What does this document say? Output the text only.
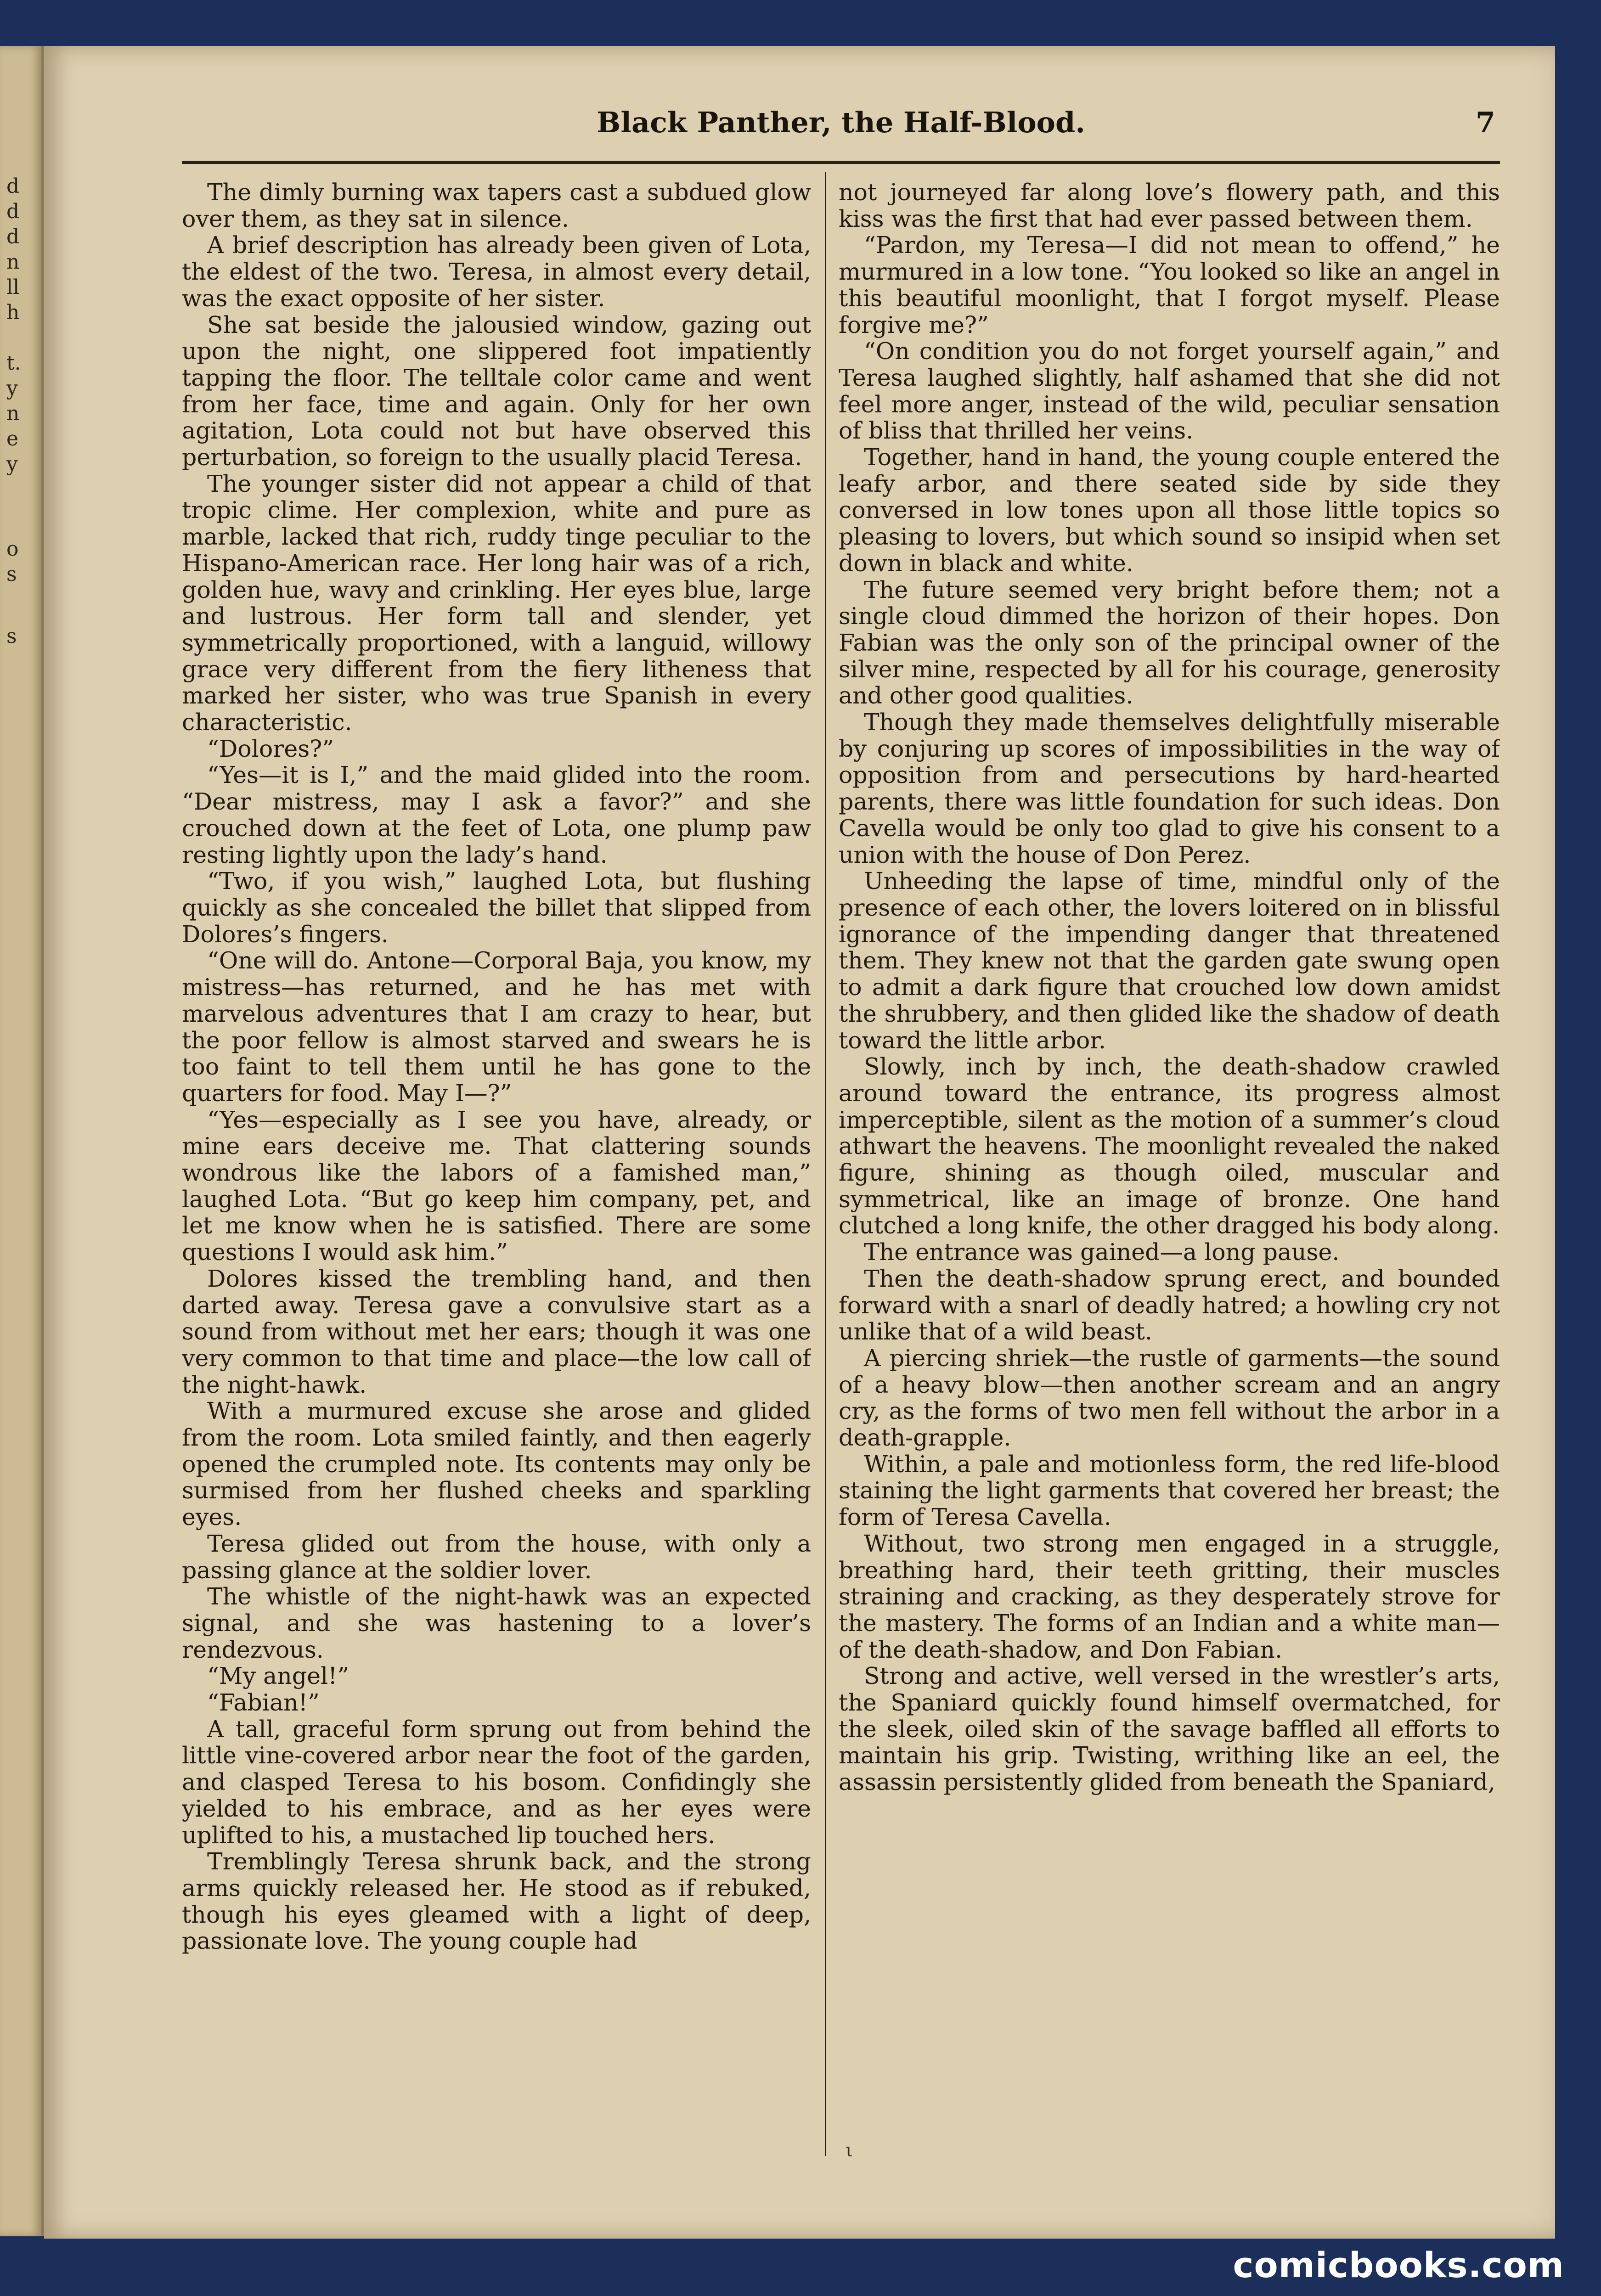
d
d
d
n
ll
h
t.
y
n
e
y
o
s
s
Black Panther, the Half-Blood.	7

The dimly burning wax tapers cast a subdued glow over them, as they sat in silence.

A brief description has already been given of Lota, the eldest of the two. Teresa, in almost every detail, was the exact opposite of her sister.

She sat beside the jalousied window, gazing out upon the night, one slippered foot impatiently tapping the floor. The telltale color came and went from her face, time and again. Only for her own agitation, Lota could not but have observed this perturbation, so foreign to the usually placid Teresa.

The younger sister did not appear a child of that tropic clime. Her complexion, white and pure as marble, lacked that rich, ruddy tinge peculiar to the Hispano-American race. Her long hair was of a rich, golden hue, wavy and crinkling. Her eyes blue, large and lustrous. Her form tall and slender, yet symmetrically proportioned, with a languid, willowy grace very different from the fiery litheness that marked her sister, who was true Spanish in every characteristic.

“Dolores?”

“Yes—it is I,” and the maid glided into the room. “Dear mistress, may I ask a favor?” and she crouched down at the feet of Lota, one plump paw resting lightly upon the lady’s hand.

“Two, if you wish,” laughed Lota, but flushing quickly as she concealed the billet that slipped from Dolores’s fingers.

“One will do. Antone—Corporal Baja, you know, my mistress—has returned, and he has met with marvelous adventures that I am crazy to hear, but the poor fellow is almost starved and swears he is too faint to tell them until he has gone to the quarters for food. May I—?”

“Yes—especially as I see you have, already, or mine ears deceive me. That clattering sounds wondrous like the labors of a famished man,” laughed Lota. “But go keep him company, pet, and let me know when he is satisfied. There are some questions I would ask him.”

Dolores kissed the trembling hand, and then darted away. Teresa gave a convulsive start as a sound from without met her ears; though it was one very common to that time and place—the low call of the night-hawk.

With a murmured excuse she arose and glided from the room. Lota smiled faintly, and then eagerly opened the crumpled note. Its contents may only be surmised from her flushed cheeks and sparkling eyes.

Teresa glided out from the house, with only a passing glance at the soldier lover.

The whistle of the night-hawk was an expected signal, and she was hastening to a lover’s rendezvous.

“My angel!”

“Fabian!”

A tall, graceful form sprung out from behind the little vine-covered arbor near the foot of the garden, and clasped Teresa to his bosom. Confidingly she yielded to his embrace, and as her eyes were uplifted to his, a mustached lip touched hers.

Tremblingly Teresa shrunk back, and the strong arms quickly released her. He stood as if rebuked, though his eyes gleamed with a light of deep, passionate love. The young couple had

not journeyed far along love’s flowery path, and this kiss was the first that had ever passed between them.

“Pardon, my Teresa—I did not mean to offend,” he murmured in a low tone. “You looked so like an angel in this beautiful moonlight, that I forgot myself. Please forgive me?”

“On condition you do not forget yourself again,” and Teresa laughed slightly, half ashamed that she did not feel more anger, instead of the wild, peculiar sensation of bliss that thrilled her veins.

Together, hand in hand, the young couple entered the leafy arbor, and there seated side by side they conversed in low tones upon all those little topics so pleasing to lovers, but which sound so insipid when set down in black and white.

The future seemed very bright before them; not a single cloud dimmed the horizon of their hopes. Don Fabian was the only son of the principal owner of the silver mine, respected by all for his courage, generosity and other good qualities.

Though they made themselves delightfully miserable by conjuring up scores of impossibilities in the way of opposition from and persecutions by hard-hearted parents, there was little foundation for such ideas. Don Cavella would be only too glad to give his consent to a union with the house of Don Perez.

Unheeding the lapse of time, mindful only of the presence of each other, the lovers loitered on in blissful ignorance of the impending danger that threatened them. They knew not that the garden gate swung open to admit a dark figure that crouched low down amidst the shrubbery, and then glided like the shadow of death toward the little arbor.

Slowly, inch by inch, the death-shadow crawled around toward the entrance, its progress almost imperceptible, silent as the motion of a summer’s cloud athwart the heavens. The moonlight revealed the naked figure, shining as though oiled, muscular and symmetrical, like an image of bronze. One hand clutched a long knife, the other dragged his body along.

The entrance was gained—a long pause.

Then the death-shadow sprung erect, and bounded forward with a snarl of deadly hatred; a howling cry not unlike that of a wild beast.

A piercing shriek—the rustle of garments—the sound of a heavy blow—then another scream and an angry cry, as the forms of two men fell without the arbor in a death-grapple.

Within, a pale and motionless form, the red life-blood staining the light garments that covered her breast; the form of Teresa Cavella.

Without, two strong men engaged in a struggle, breathing hard, their teeth gritting, their muscles straining and cracking, as they desperately strove for the mastery. The forms of an Indian and a white man—of the death-shadow, and Don Fabian.

Strong and active, well versed in the wrestler’s arts, the Spaniard quickly found himself overmatched, for the sleek, oiled skin of the savage baffled all efforts to maintain his grip. Twisting, writhing like an eel, the assassin persistently glided from beneath the Spaniard,

ι
comicbooks.com
